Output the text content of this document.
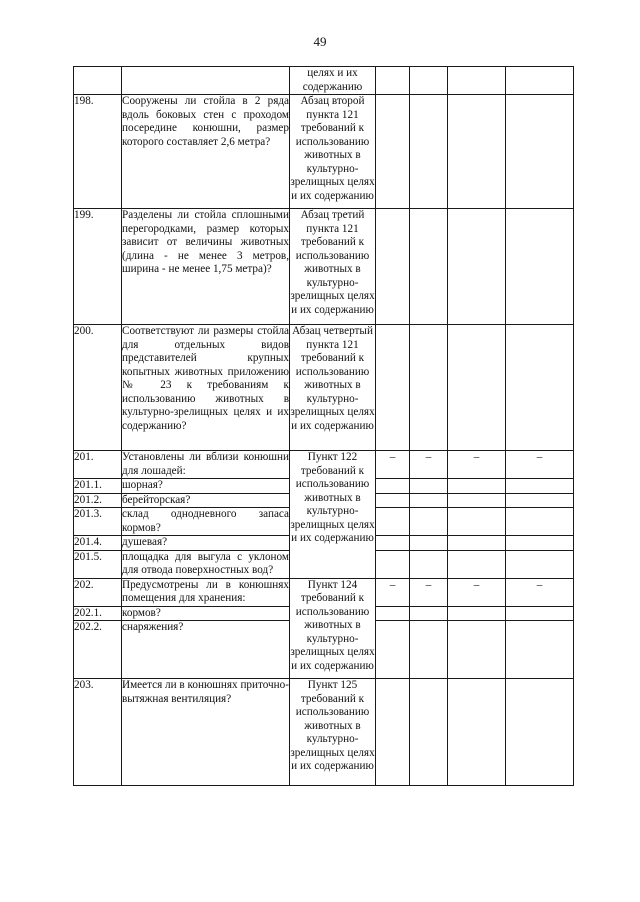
49
		целях и их содержанию				
198.	Сооружены ли стойла в 2 ряда вдоль боковых стен с проходом посередине конюшни, размер которого составляет 2,6 метра?	Абзац второй пункта 121 требований к использованию животных в культурно-зрелищных целях и их содержанию				
199.	Разделены ли стойла сплошными перегородками, размер которых зависит от величины животных (длина - не менее 3 метров, ширина - не менее 1,75 метра)?	Абзац третий пункта 121 требований к использованию животных в культурно-зрелищных целях и их содержанию				
200.	Соответствуют ли размеры стойла для отдельных видов представителей крупных копытных животных приложению № 23 к требованиям к использованию животных в культурно-зрелищных целях и их содержанию?	Абзац четвертый пункта 121 требований к использованию животных в культурно-зрелищных целях и их содержанию				
201.	Установлены ли вблизи конюшни для лошадей:	Пункт 122 требований к использованию животных в культурно-зрелищных целях и их содержанию	–	–	–	–
201.1.	шорная?					
201.2.	берейторская?					
201.3.	склад однодневного запаса кормов?					
201.4.	душевая?					
201.5.	площадка для выгула с уклоном для отвода поверхностных вод?					
202.	Предусмотрены ли в конюшнях помещения для хранения:	Пункт 124 требований к использованию животных в культурно-зрелищных целях и их содержанию	–	–	–	–
202.1.	кормов?					
202.2.	снаряжения?					
203.	Имеется ли в конюшнях приточно-вытяжная вентиляция?	Пункт 125 требований к использованию животных в культурно-зрелищных целях и их содержанию				
